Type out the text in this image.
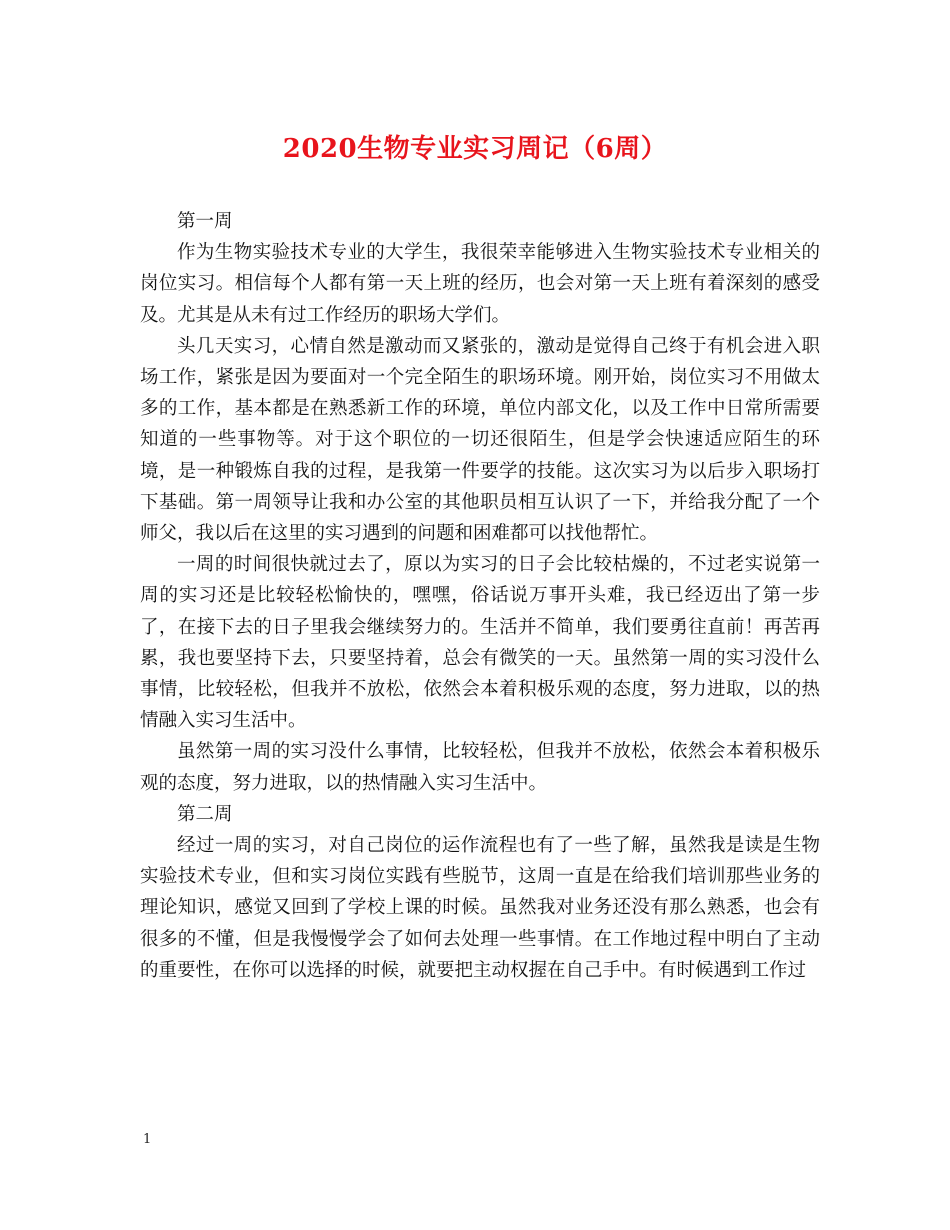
2020生物专业实习周记（6周）

第一周

作为生物实验技术专业的大学生，我很荣幸能够进入生物实验技术专业相关的岗位实习。相信每个人都有第一天上班的经历，也会对第一天上班有着深刻的感受及。尤其是从未有过工作经历的职场大学们。

头几天实习，心情自然是激动而又紧张的，激动是觉得自己终于有机会进入职场工作，紧张是因为要面对一个完全陌生的职场环境。刚开始，岗位实习不用做太多的工作，基本都是在熟悉新工作的环境，单位内部文化，以及工作中日常所需要知道的一些事物等。对于这个职位的一切还很陌生，但是学会快速适应陌生的环境，是一种锻炼自我的过程，是我第一件要学的技能。这次实习为以后步入职场打下基础。第一周领导让我和办公室的其他职员相互认识了一下，并给我分配了一个师父，我以后在这里的实习遇到的问题和困难都可以找他帮忙。

一周的时间很快就过去了，原以为实习的日子会比较枯燥的，不过老实说第一周的实习还是比较轻松愉快的，嘿嘿，俗话说万事开头难，我已经迈出了第一步了，在接下去的日子里我会继续努力的。生活并不简单，我们要勇往直前！再苦再累，我也要坚持下去，只要坚持着，总会有微笑的一天。虽然第一周的实习没什么事情，比较轻松，但我并不放松，依然会本着积极乐观的态度，努力进取，以的热情融入实习生活中。

虽然第一周的实习没什么事情，比较轻松，但我并不放松，依然会本着积极乐观的态度，努力进取，以的热情融入实习生活中。

第二周

经过一周的实习，对自己岗位的运作流程也有了一些了解，虽然我是读是生物实验技术专业，但和实习岗位实践有些脱节，这周一直是在给我们培训那些业务的理论知识，感觉又回到了学校上课的时候。虽然我对业务还没有那么熟悉，也会有很多的不懂，但是我慢慢学会了如何去处理一些事情。在工作地过程中明白了主动的重要性，在你可以选择的时候，就要把主动权握在自己手中。有时候遇到工作过

1
